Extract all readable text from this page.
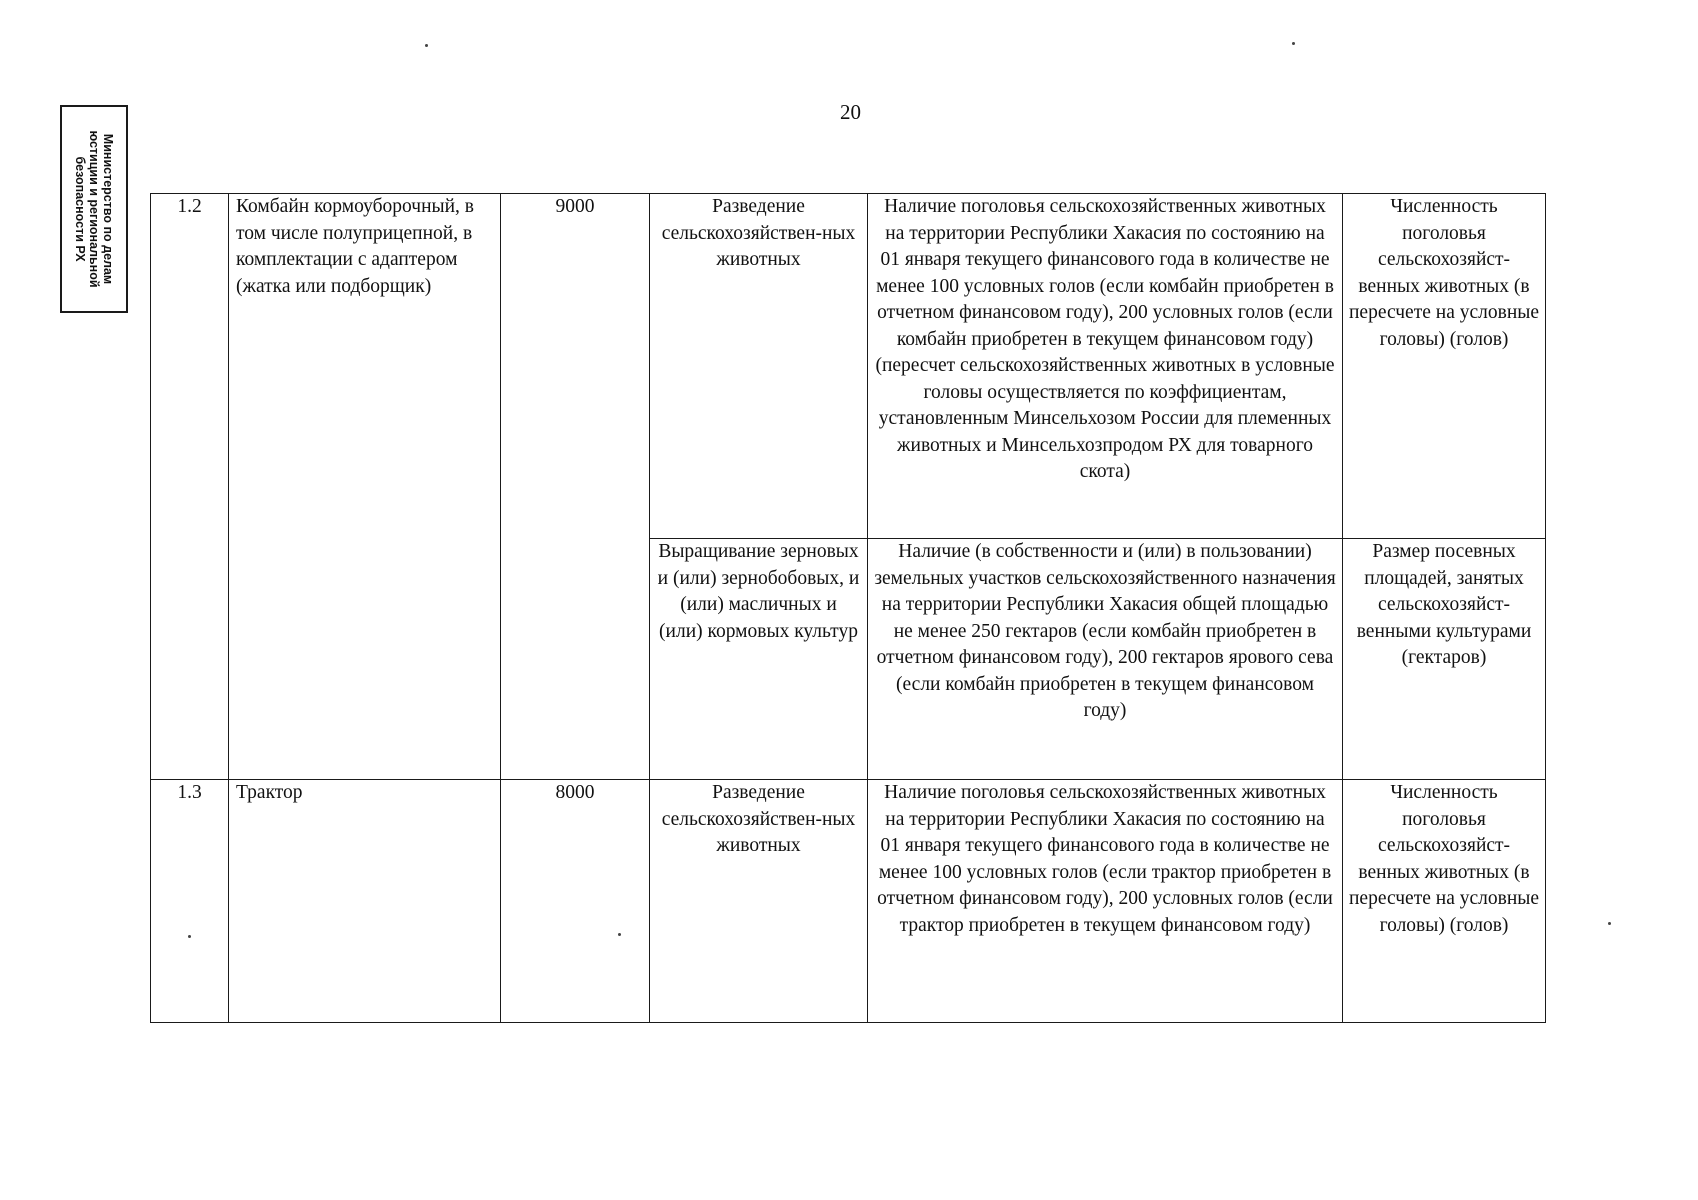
Министерство по делам
юстиции и региональной
безопасности РХ
20
1.2	Комбайн кормоуборочный, в том числе полуприцепной, в комплектации с адаптером (жатка или подборщик)	9000	Разведение сельскохозяйствен-ных животных	Наличие поголовья сельскохозяйственных животных на территории Республики Хакасия по состоянию на 01 января текущего финансового года в количестве не менее 100 условных голов (если комбайн приобретен в отчетном финансовом году), 200 условных голов (если комбайн приобретен в текущем финансовом году) (пересчет сельскохозяйственных животных в условные головы осуществляется по коэффициентам, установленным Минсельхозом России для племенных животных и Минсельхозпродом РХ для товарного скота)	Численность поголовья сельскохозяйст-венных животных (в пересчете на условные головы) (голов)
			Выращивание зерновых и (или) зернобобовых, и (или) масличных и (или) кормовых культур	Наличие (в собственности и (или) в пользовании) земельных участков сельскохозяйственного назначения на территории Республики Хакасия общей площадью не менее 250 гектаров (если комбайн приобретен в отчетном финансовом году), 200 гектаров ярового сева (если комбайн приобретен в текущем финансовом году)	Размер посевных площадей, занятых сельскохозяйст-венными культурами (гектаров)
1.3	Трактор	8000	Разведение сельскохозяйствен-ных животных	Наличие поголовья сельскохозяйственных животных на территории Республики Хакасия по состоянию на 01 января текущего финансового года в количестве не менее 100 условных голов (если трактор приобретен в отчетном финансовом году), 200 условных голов (если трактор приобретен в текущем финансовом году)	Численность поголовья сельскохозяйст-венных животных (в пересчете на условные головы) (голов)
